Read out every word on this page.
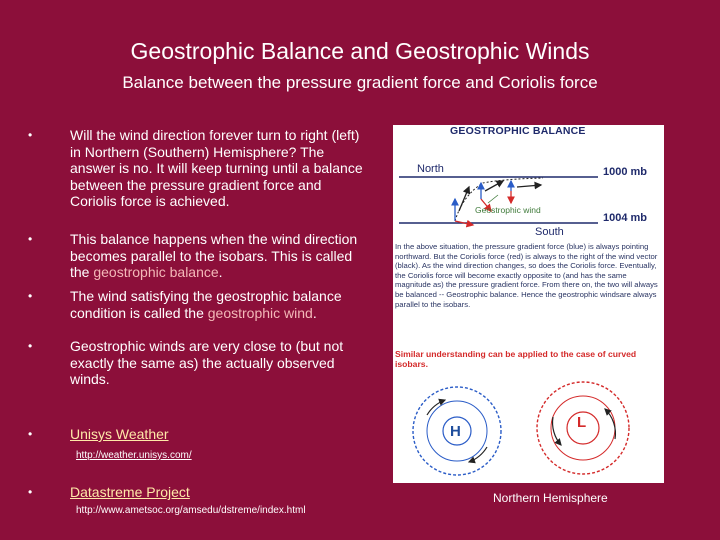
Geostrophic Balance and Geostrophic Winds
Balance between the pressure gradient force and Coriolis force
•	Will the wind direction forever turn to right (left) in Northern (Southern) Hemisphere? The answer is no. It will keep turning until a balance between the pressure gradient force and Coriolis force is achieved.
•	This balance happens when the wind direction becomes parallel to the isobars. This is called the geostrophic balance.
•	The wind satisfying the geostrophic balance condition is called the geostrophic wind.
•	Geostrophic winds are very close to (but not exactly the same as) the actually observed winds.
•	Unisys Weather
http://weather.unisys.com/
•	Datastreme Project
http://www.ametsoc.org/amsedu/dstreme/index.html
H
L
GEOSTROPHIC BALANCE
North
South
1000 mb
1004 mb
Geostrophic wind
In the above situation, the pressure gradient force (blue) is always pointing northward. But the Coriolis force (red) is always to the right of the wind vector (black). As the wind direction changes, so does the Coriolis force. Eventually, the Coriolis force will become exactly opposite to (and has the same magnitude as) the pressure gradient force. From there on, the two will always be balanced -- Geostrophic balance. Hence the geostrophic windsare always parallel to the isobars.
Similar understanding can be applied to the case of curved isobars.
Northern Hemisphere
